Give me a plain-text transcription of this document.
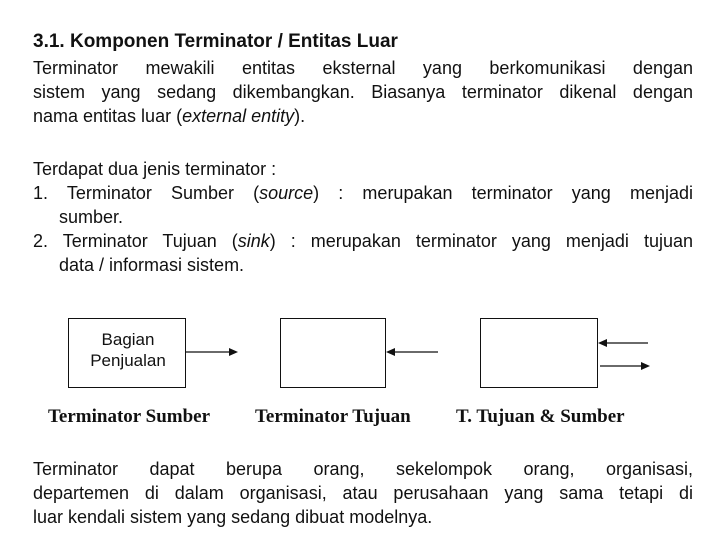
3.1. Komponen Terminator / Entitas Luar
Terminator mewakili entitas eksternal yang berkomunikasi dengan
sistem yang sedang dikembangkan. Biasanya terminator dikenal dengan
nama entitas luar (external entity).
Terdapat dua jenis terminator :
1. Terminator Sumber (source) : merupakan terminator yang menjadi
sumber.
2. Terminator Tujuan (sink) : merupakan terminator yang menjadi tujuan
data / informasi sistem.
Bagian
Penjualan
Terminator Sumber Terminator Tujuan T. Tujuan & Sumber
Terminator dapat berupa orang, sekelompok orang, organisasi,
departemen di dalam organisasi, atau perusahaan yang sama tetapi di
luar kendali sistem yang sedang dibuat modelnya.
